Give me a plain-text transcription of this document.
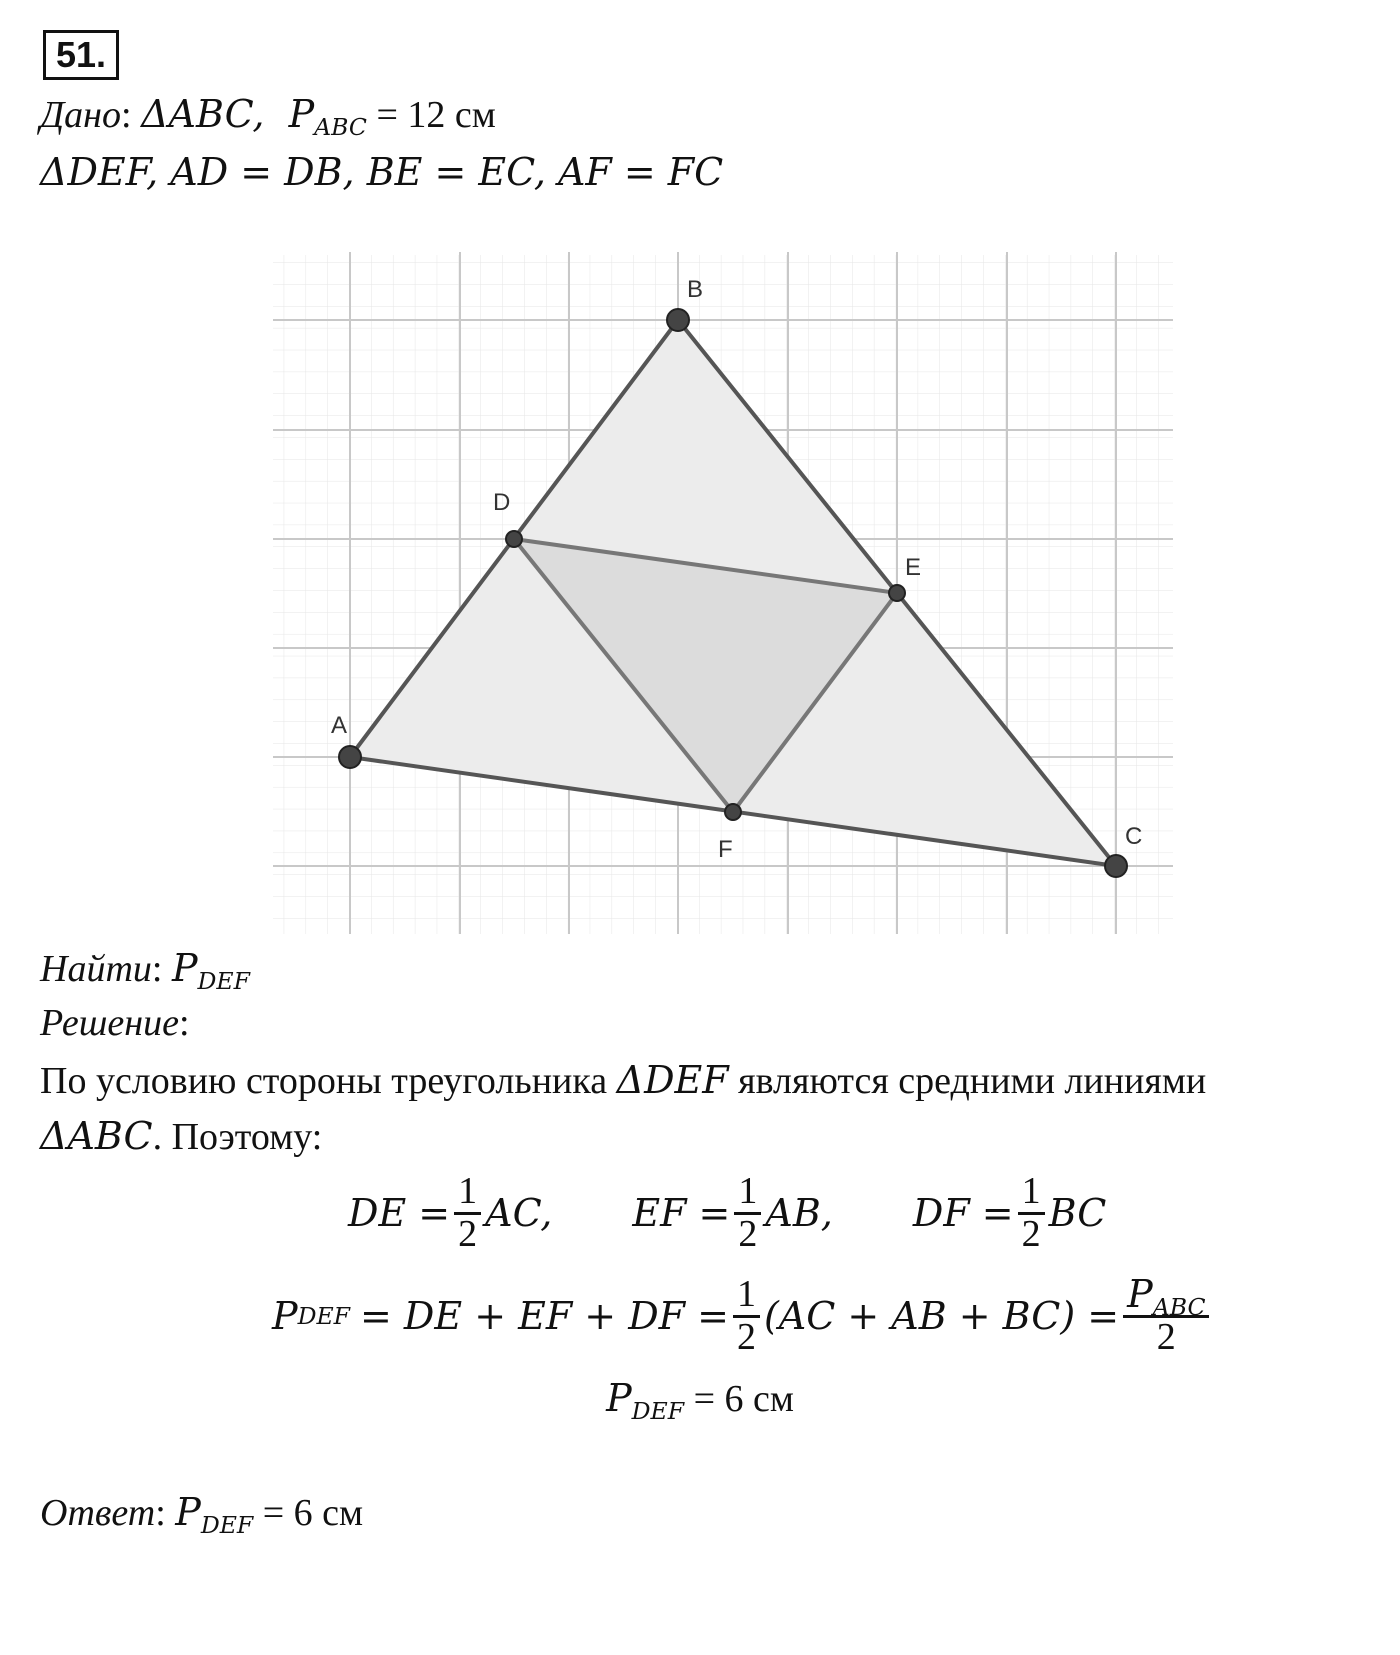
51.
Дано: ΔABC,  $P_{ABC} = 12$ см
ΔDEF, AD = DB, BE = EC, AF = FC
A
B
C
D
E
F
Найти: $P_{DEF}$
Решение:
По условию стороны треугольника ΔDEF являются средними линиями
ΔABC. Поэтому:
DE = $\frac{1}{2}$ AC, EF = $\frac{1}{2}$ AB, DF = $\frac{1}{2}$ BC
P DEF = DE + EF + DF = $\frac{1}{2} (AC$ + AB + $BC) = \frac{P_{ABC}}{2}$
$P_{DEF} = 6$ см
Ответ: $P_{DEF} = 6$ см
